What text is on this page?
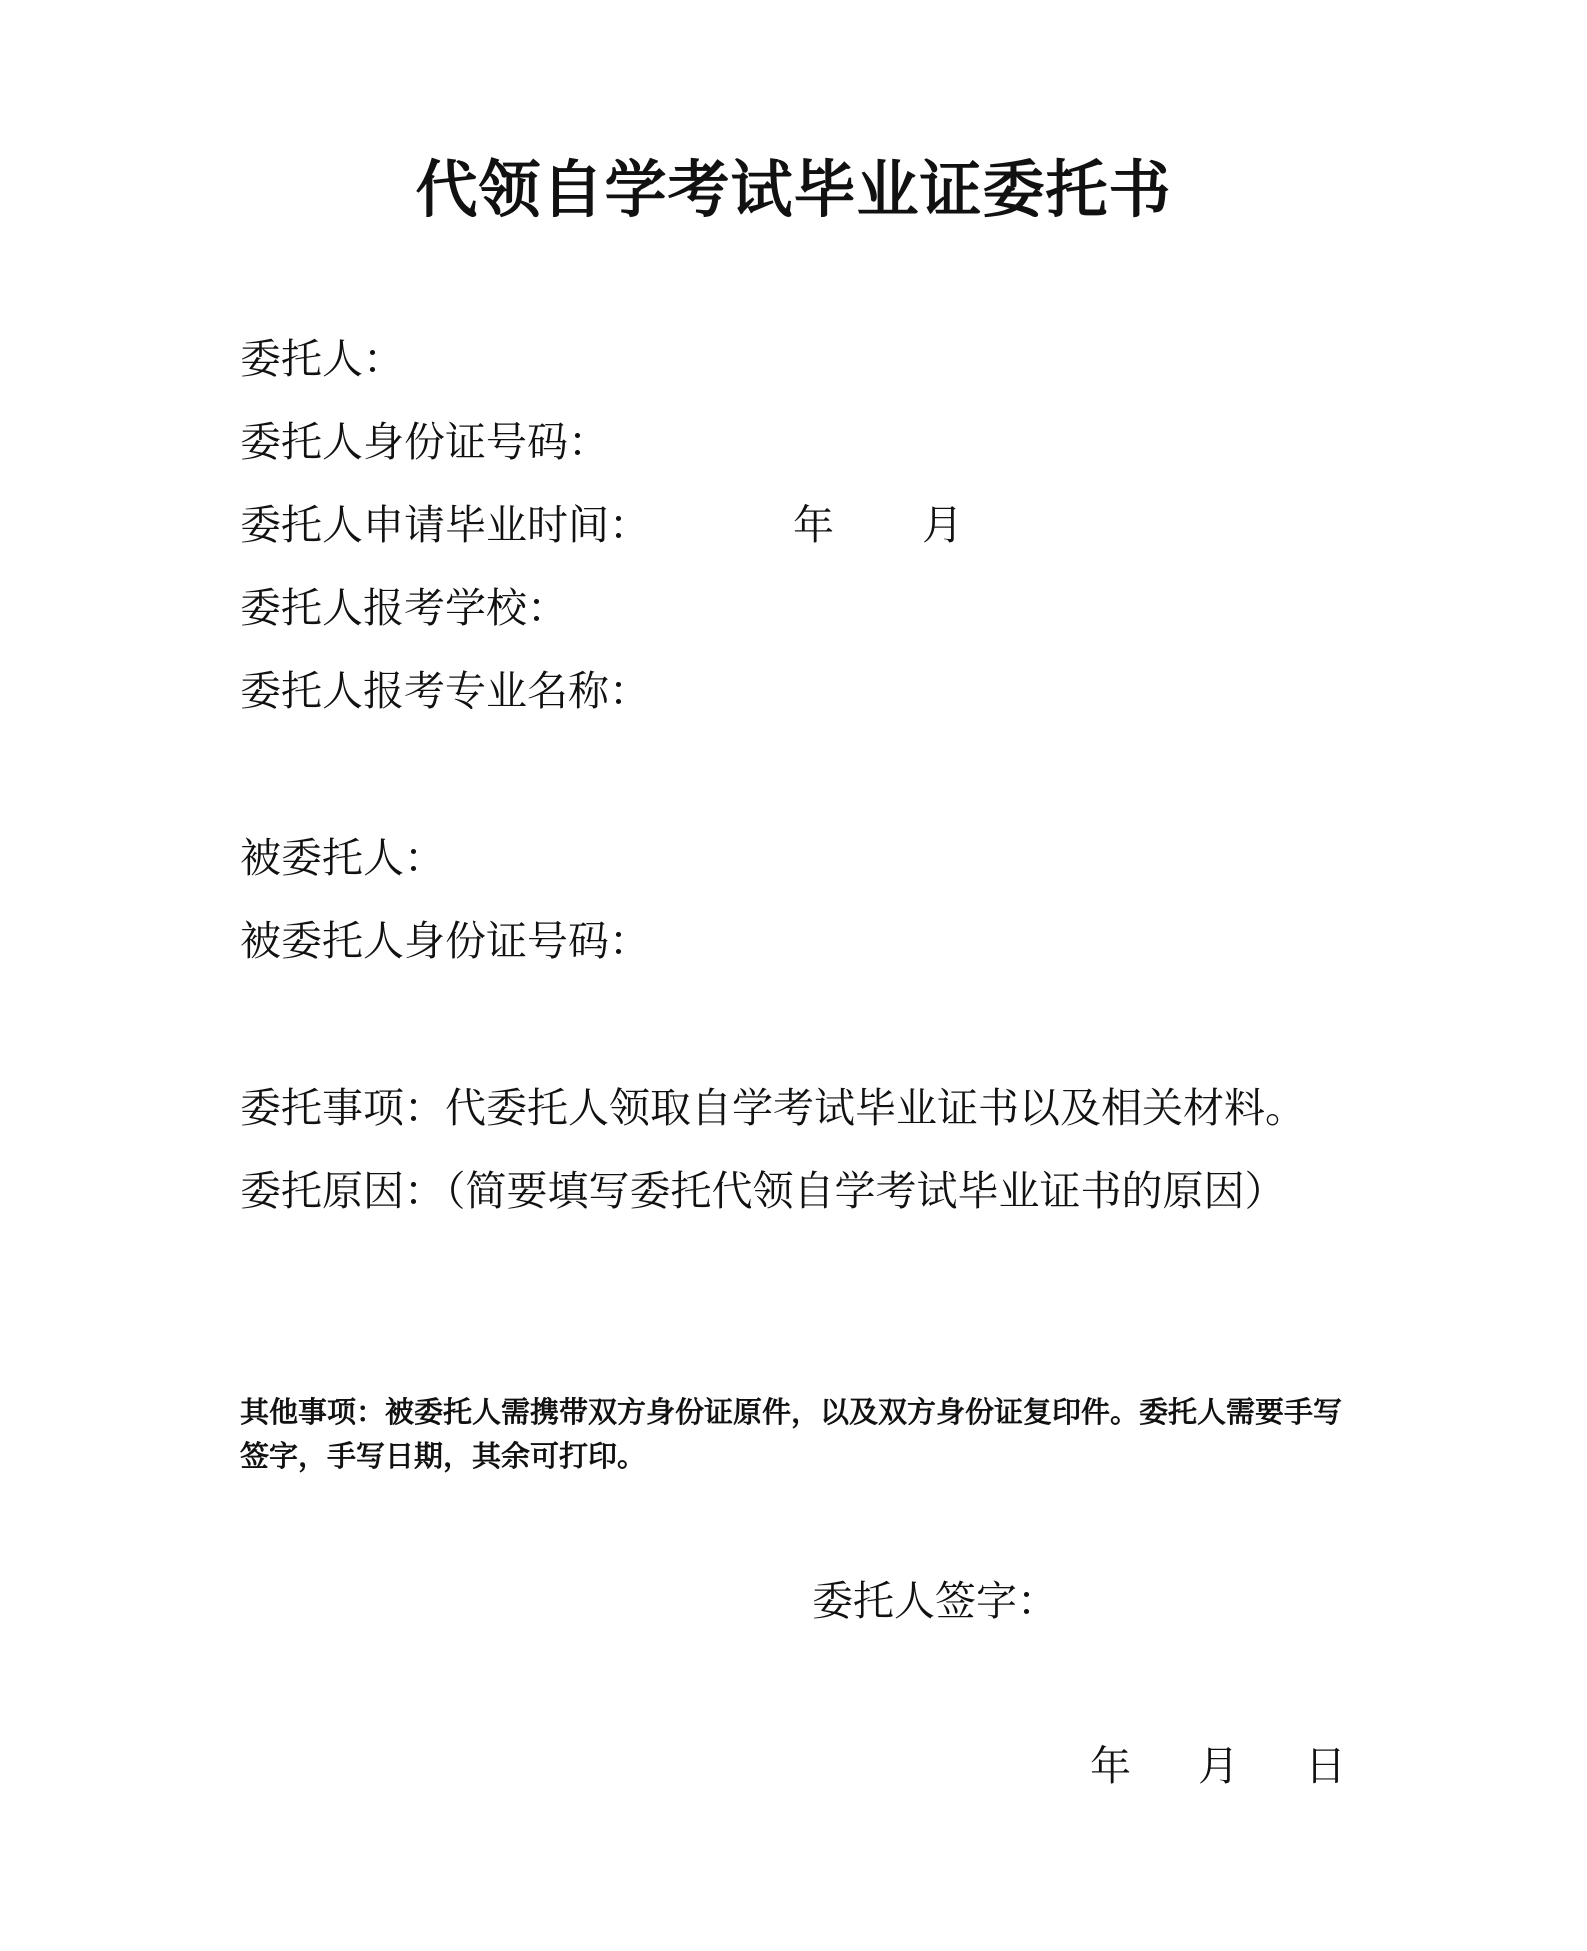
代领自学考试毕业证委托书
委托人：
委托人身份证号码：
委托人申请毕业时间：	年 月
委托人报考学校：
委托人报考专业名称：
被委托人：
被委托人身份证号码：
委托事项：代委托人领取自学考试毕业证书以及相关材料。
委托原因：（简要填写委托代领自学考试毕业证书的原因）
其他事项：被委托人需携带双方身份证原件，以及双方身份证复印件。委托人需要手写签字，手写日期，其余可打印。
委托人签字：
年 月 日
